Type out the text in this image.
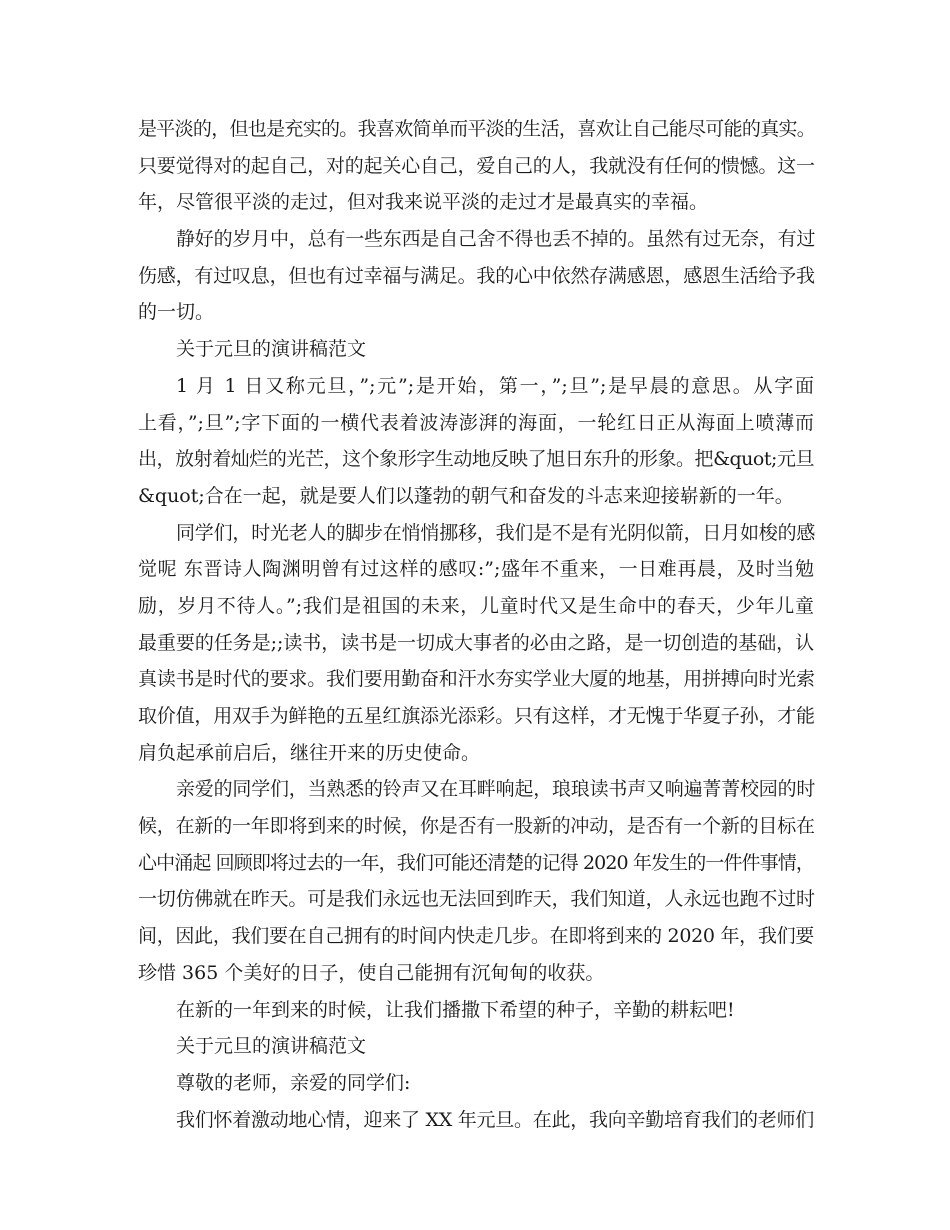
是平淡的，但也是充实的。我喜欢简单而平淡的生活，喜欢让自己能尽可能的真实。
只要觉得对的起自己，对的起关心自己，爱自己的人，我就没有任何的愦憾。这一
年，尽管很平淡的走过，但对我来说平淡的走过才是最真实的幸福。
静好的岁月中，总有一些东西是自己舍不得也丢不掉的。虽然有过无奈，有过
伤感，有过叹息，但也有过幸福与满足。我的心中依然存满感恩，感恩生活给予我
的一切。
关于元旦的演讲稿范文
1 月 1 日又称元旦，”;元”;是开始，第一，”;旦”;是早晨的意思。从字面
上看，”;旦”;字下面的一横代表着波涛澎湃的海面，一轮红日正从海面上喷薄而
出，放射着灿烂的光芒，这个象形字生动地反映了旭日东升的形象。把&quot;元旦
&quot;合在一起，就是要人们以蓬勃的朝气和奋发的斗志来迎接崭新的一年。
同学们，时光老人的脚步在悄悄挪移，我们是不是有光阴似箭，日月如梭的感
觉呢 东晋诗人陶渊明曾有过这样的感叹:”;盛年不重来，一日难再晨，及时当勉
励，岁月不待人。”;我们是祖国的未来，儿童时代又是生命中的春天，少年儿童
最重要的任务是;;读书，读书是一切成大事者的必由之路，是一切创造的基础，认
真读书是时代的要求。我们要用勤奋和汗水夯实学业大厦的地基，用拼搏向时光索
取价值，用双手为鲜艳的五星红旗添光添彩。只有这样，才无愧于华夏子孙，才能
肩负起承前启后，继往开来的历史使命。
亲爱的同学们，当熟悉的铃声又在耳畔响起，琅琅读书声又响遍菁菁校园的时
候，在新的一年即将到来的时候，你是否有一股新的冲动，是否有一个新的目标在
心中涌起 回顾即将过去的一年，我们可能还清楚的记得 2020 年发生的一件件事情，
一切仿佛就在昨天。可是我们永远也无法回到昨天，我们知道，人永远也跑不过时
间，因此，我们要在自己拥有的时间内快走几步。在即将到来的 2020 年，我们要
珍惜 365 个美好的日子，使自己能拥有沉甸甸的收获。
在新的一年到来的时候，让我们播撒下希望的种子，辛勤的耕耘吧!
关于元旦的演讲稿范文
尊敬的老师，亲爱的同学们:
我们怀着激动地心情，迎来了 XX 年元旦。在此，我向辛勤培育我们的老师们
